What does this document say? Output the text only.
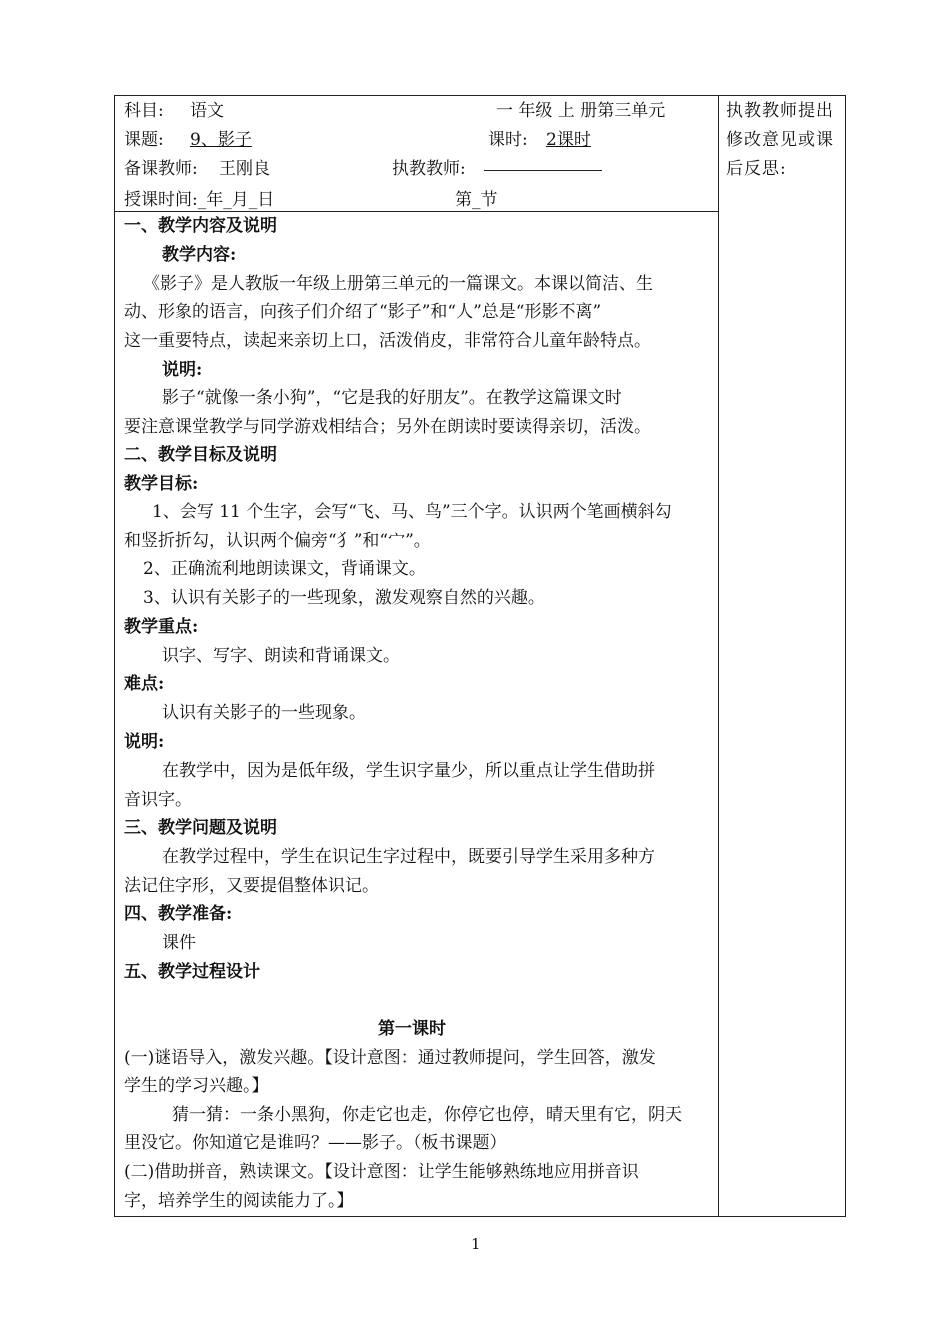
科目: 语文	一 年级 上 册第三单元
课题: 9、影子	课时: 2课时
备课教师: 王刚良	执教教师:
授课时间:_年_月_日	第_节
执教教师提出修改意见或课后反思:
一、教学内容及说明
教学内容:
《影子》是人教版一年级上册第三单元的一篇课文。本课以简洁、生
动、形象的语言，向孩子们介绍了“影子”和“人”总是“形影不离”
这一重要特点，读起来亲切上口，活泼俏皮，非常符合儿童年龄特点。
说明:
影子“就像一条小狗”，“它是我的好朋友”。在教学这篇课文时
要注意课堂教学与同学游戏相结合；另外在朗读时要读得亲切，活泼。
二、教学目标及说明
教学目标:
1、会写 11 个生字，会写“飞、马、鸟”三个字。认识两个笔画横斜勾
和竖折折勾，认识两个偏旁“犭”和“宀”。
2、正确流利地朗读课文，背诵课文。
3、认识有关影子的一些现象，激发观察自然的兴趣。
教学重点:
识字、写字、朗读和背诵课文。
难点:
认识有关影子的一些现象。
说明:
在教学中，因为是低年级，学生识字量少，所以重点让学生借助拼
音识字。
三、教学问题及说明
在教学过程中，学生在识记生字过程中，既要引导学生采用多种方
法记住字形，又要提倡整体识记。
四、教学准备:
课件
五、教学过程设计
第一课时
(一)谜语导入，激发兴趣。【设计意图：通过教师提问，学生回答，激发
学生的学习兴趣。】
猜一猜：一条小黑狗，你走它也走，你停它也停，晴天里有它，阴天
里没它。你知道它是谁吗？——影子。（板书课题）
(二)借助拼音，熟读课文。【设计意图：让学生能够熟练地应用拼音识
字，培养学生的阅读能力了。】
1
